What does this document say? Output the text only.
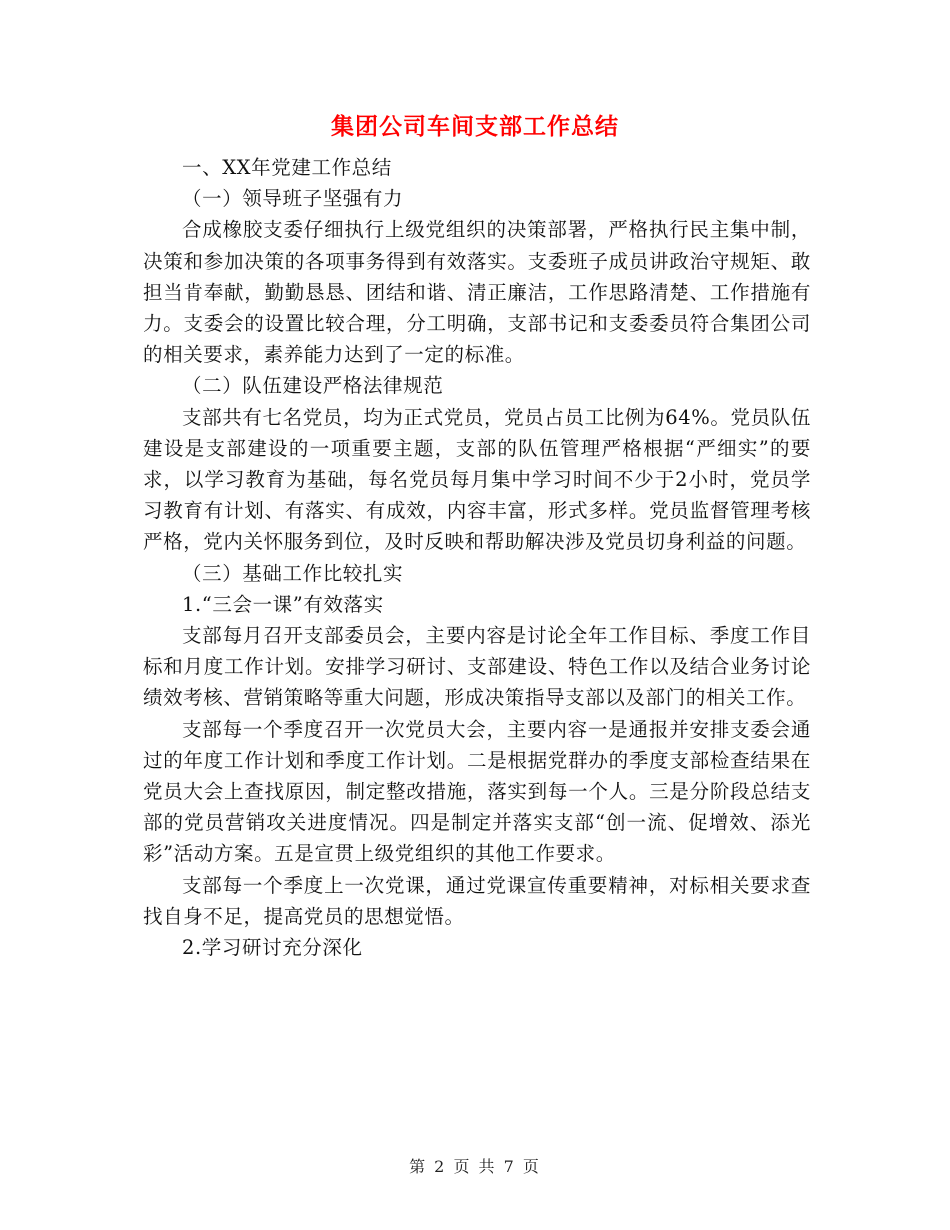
集团公司车间支部工作总结

一、XX年党建工作总结

（一）领导班子坚强有力

合成橡胶支委仔细执行上级党组织的决策部署，严格执行民主集中制，决策和参加决策的各项事务得到有效落实。支委班子成员讲政治守规矩、敢担当肯奉献，勤勤恳恳、团结和谐、清正廉洁，工作思路清楚、工作措施有力。支委会的设置比较合理，分工明确，支部书记和支委委员符合集团公司的相关要求，素养能力达到了一定的标准。

（二）队伍建设严格法律规范

支部共有七名党员，均为正式党员，党员占员工比例为64%。党员队伍建设是支部建设的一项重要主题，支部的队伍管理严格根据“严细实”的要求，以学习教育为基础，每名党员每月集中学习时间不少于2小时，党员学习教育有计划、有落实、有成效，内容丰富，形式多样。党员监督管理考核严格，党内关怀服务到位，及时反映和帮助解决涉及党员切身利益的问题。

（三）基础工作比较扎实

1.“三会一课”有效落实

支部每月召开支部委员会，主要内容是讨论全年工作目标、季度工作目标和月度工作计划。安排学习研讨、支部建设、特色工作以及结合业务讨论绩效考核、营销策略等重大问题，形成决策指导支部以及部门的相关工作。

支部每一个季度召开一次党员大会，主要内容一是通报并安排支委会通过的年度工作计划和季度工作计划。二是根据党群办的季度支部检查结果在党员大会上查找原因，制定整改措施，落实到每一个人。三是分阶段总结支部的党员营销攻关进度情况。四是制定并落实支部“创一流、促增效、添光彩”活动方案。五是宣贯上级党组织的其他工作要求。

支部每一个季度上一次党课，通过党课宣传重要精神，对标相关要求查找自身不足，提高党员的思想觉悟。

2.学习研讨充分深化

第 2 页 共 7 页
